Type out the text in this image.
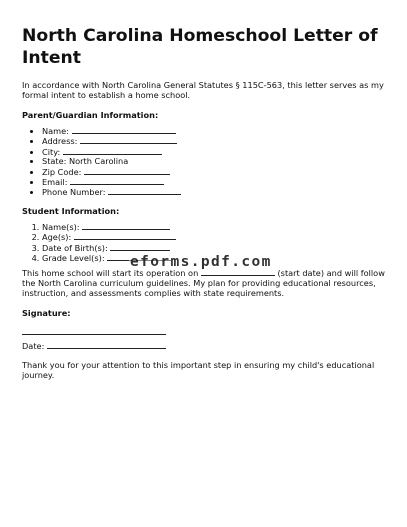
North Carolina Homeschool Letter of Intent

In accordance with North Carolina General Statutes § 115C-563, this letter serves as my formal intent to establish a home school.

Parent/Guardian Information:

• Name:
• Address:
• City:
• State: North Carolina
• Zip Code:
• Email:
• Phone Number:

Student Information:

1. Name(s):
2. Age(s):
3. Date of Birth(s):
4. Grade Level(s):

This home school will start its operation on	(start date) and will follow the North Carolina curriculum guidelines. My plan for providing educational resources, instruction, and assessments complies with state requirements.

Signature:

Date:

Thank you for your attention to this important step in ensuring my child's educational journey.

eforms.pdf.com
